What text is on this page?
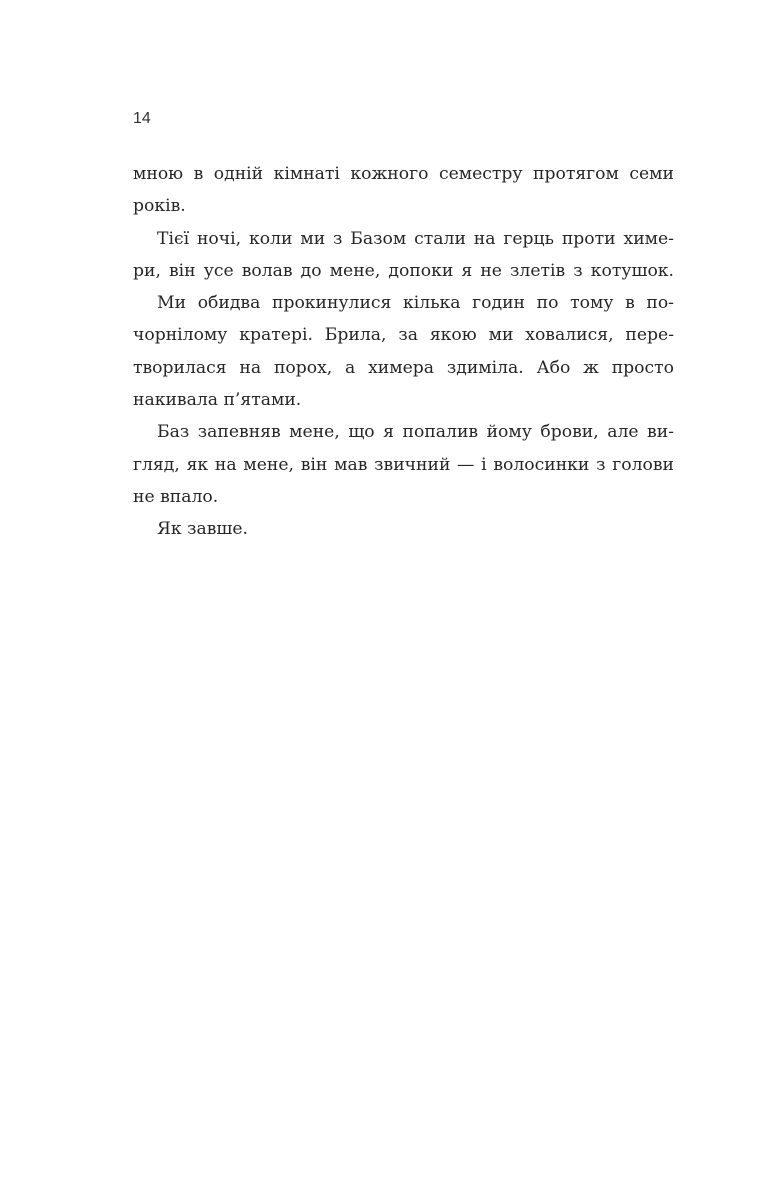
14

мною в одній кімнаті кожного семестру протягом семи
років.

Тієї ночі, коли ми з Базом стали на герць проти химе-
ри, він усе волав до мене, допоки я не злетів з котушок.

Ми обидва прокинулися кілька годин по тому в по-
чорнілому кратері. Брила, за якою ми ховалися, пере-
творилася на порох, а химера здиміла. Або ж просто
накивала п’ятами.

Баз запевняв мене, що я попалив йому брови, але ви-
гляд, як на мене, він мав звичний — і волосинки з голови
не впало.

Як завше.
